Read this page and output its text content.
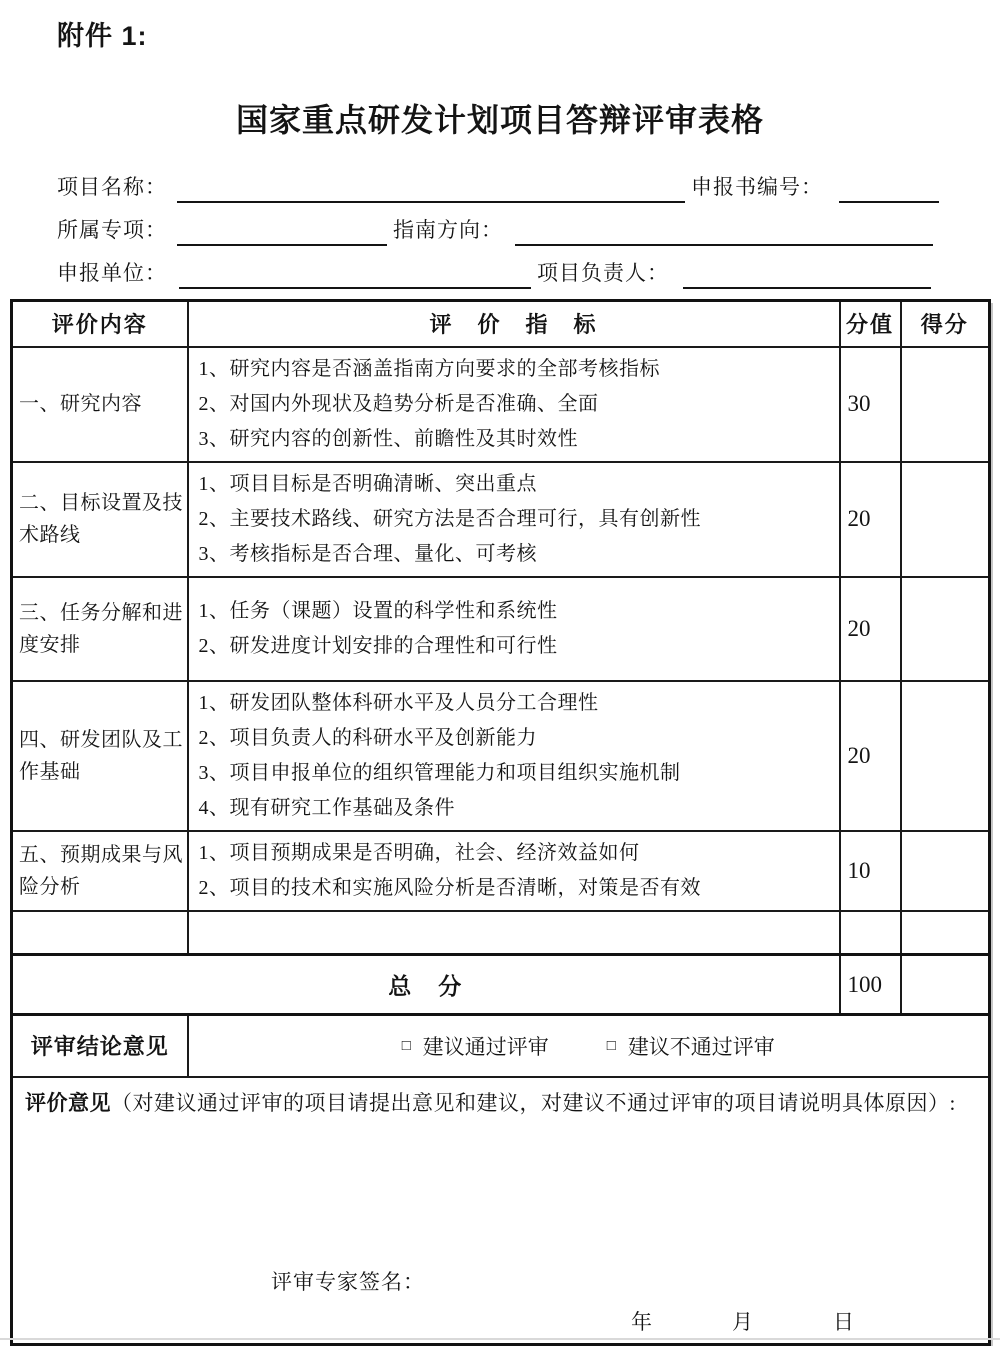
附件 1:
国家重点研发计划项目答辩评审表格
项目名称：	申报书编号：
所属专项：	指南方向：
申报单位：	项目负责人：
评价内容	评　价　指　标	分值	得分
一、研究内容	1、研究内容是否涵盖指南方向要求的全部考核指标
2、对国内外现状及趋势分析是否准确、全面
3、研究内容的创新性、前瞻性及其时效性	30	
二、目标设置及技术路线	1、项目目标是否明确清晰、突出重点
2、主要技术路线、研究方法是否合理可行，具有创新性
3、考核指标是否合理、量化、可考核	20	
三、任务分解和进度安排	1、任务（课题）设置的科学性和系统性
2、研发进度计划安排的合理性和可行性	20	
四、研发团队及工作基础	1、研发团队整体科研水平及人员分工合理性
2、项目负责人的科研水平及创新能力
3、项目申报单位的组织管理能力和项目组织实施机制
4、现有研究工作基础及条件	20	
五、预期成果与风险分析	1、项目预期成果是否明确，社会、经济效益如何
2、项目的技术和实施风险分析是否清晰，对策是否有效	10	

总　分		100	
评审结论意见	□ 建议通过评审 □ 建议不通过评审		

评价意见（对建议通过评审的项目请提出意见和建议，对建议不通过评审的项目请说明具体原因）:
评审专家签名：
年 月 日			
